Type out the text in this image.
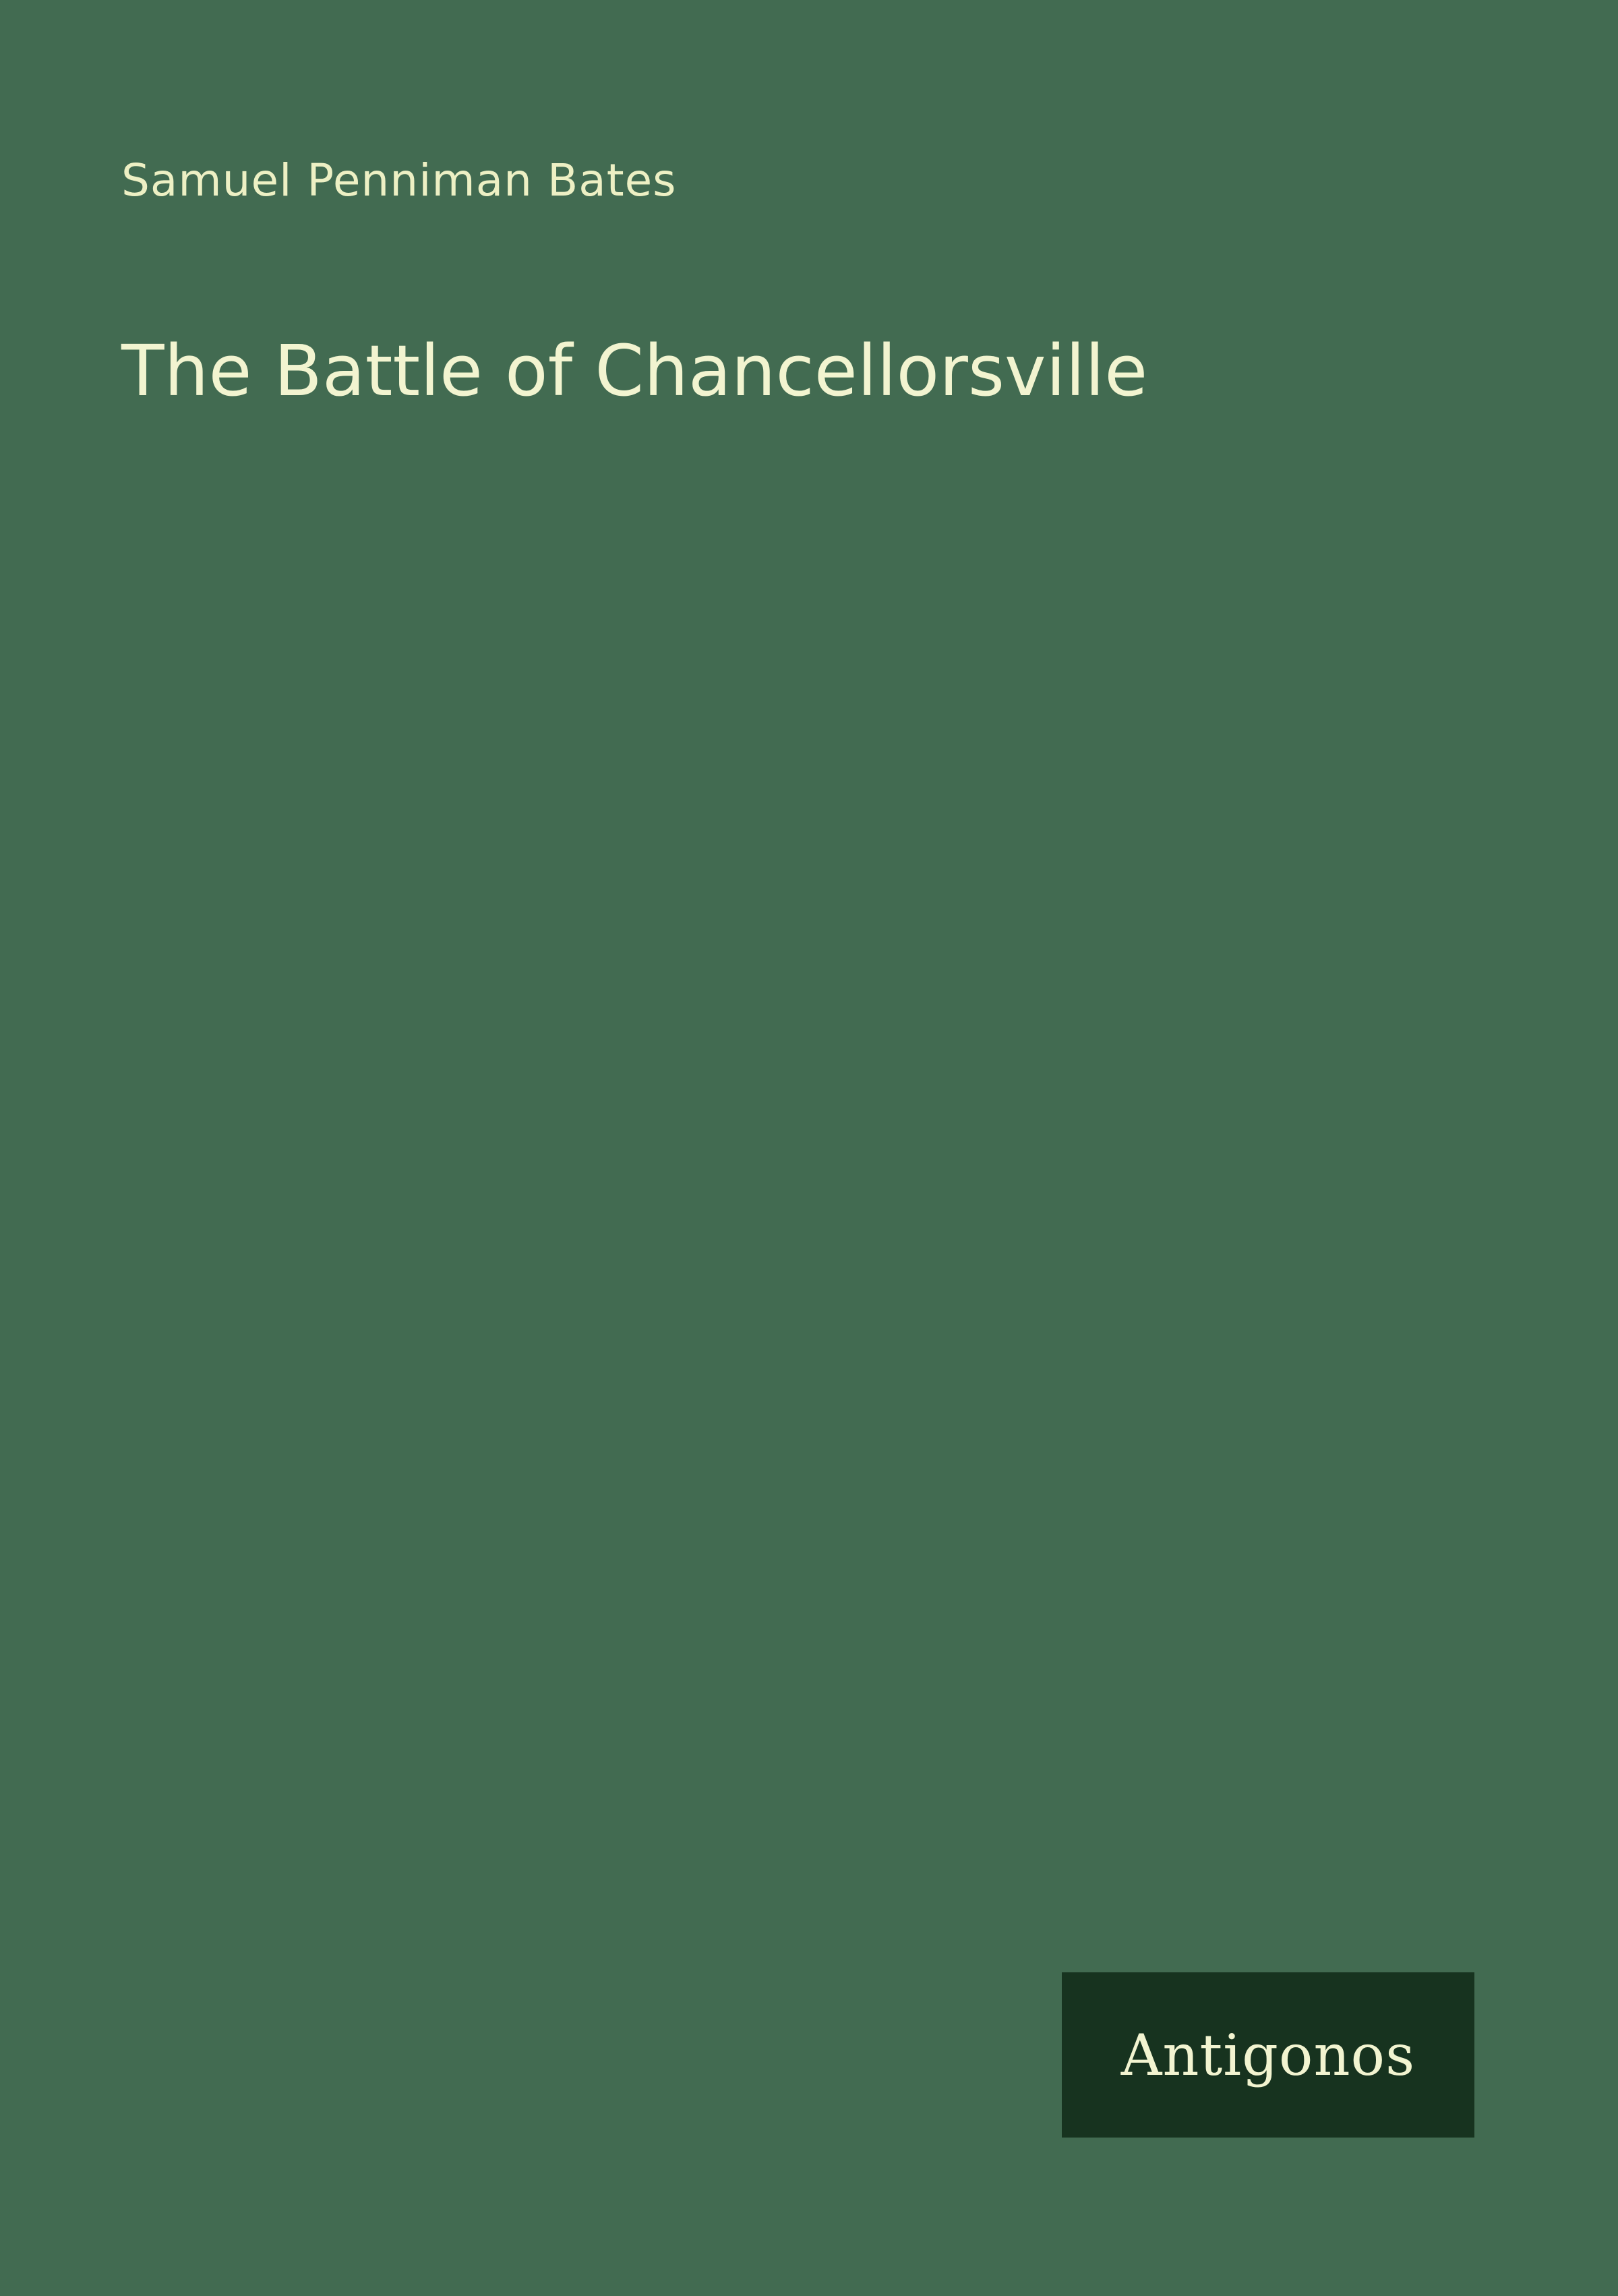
Samuel Penniman Bates
The Battle of Chancellorsville
Antigonos
